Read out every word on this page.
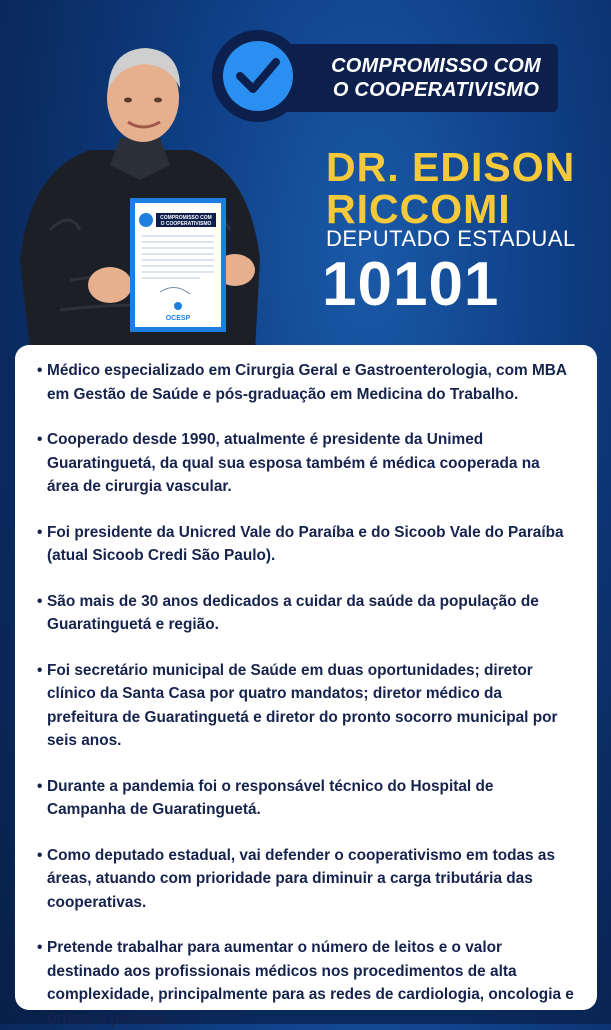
COMPROMISSO COM
O COOPERATIVISMO
OCESP
COMPROMISSO COM
O COOPERATIVISMO
DR. EDISON
RICCOMI
DEPUTADO ESTADUAL
10101
• Médico especializado em Cirurgia Geral e Gastroenterologia, com MBA em Gestão de Saúde e pós-graduação em Medicina do Trabalho.
• Cooperado desde 1990, atualmente é presidente da Unimed Guaratinguetá, da qual sua esposa também é médica cooperada na área de cirurgia vascular.
• Foi presidente da Unicred Vale do Paraíba e do Sicoob Vale do Paraíba (atual Sicoob Credi São Paulo).
• São mais de 30 anos dedicados a cuidar da saúde da população de Guaratinguetá e região.
• Foi secretário municipal de Saúde em duas oportunidades; diretor clínico da Santa Casa por quatro mandatos; diretor médico da prefeitura de Guaratinguetá e diretor do pronto socorro municipal por seis anos.
• Durante a pandemia foi o responsável técnico do Hospital de Campanha de Guaratinguetá.
• Como deputado estadual, vai defender o cooperativismo em todas as áreas, atuando com prioridade para diminuir a carga tributária das cooperativas.
• Pretende trabalhar para aumentar o número de leitos e o valor destinado aos profissionais médicos nos procedimentos de alta complexidade, principalmente para as redes de cardiologia, oncologia e órtese e prótese.
